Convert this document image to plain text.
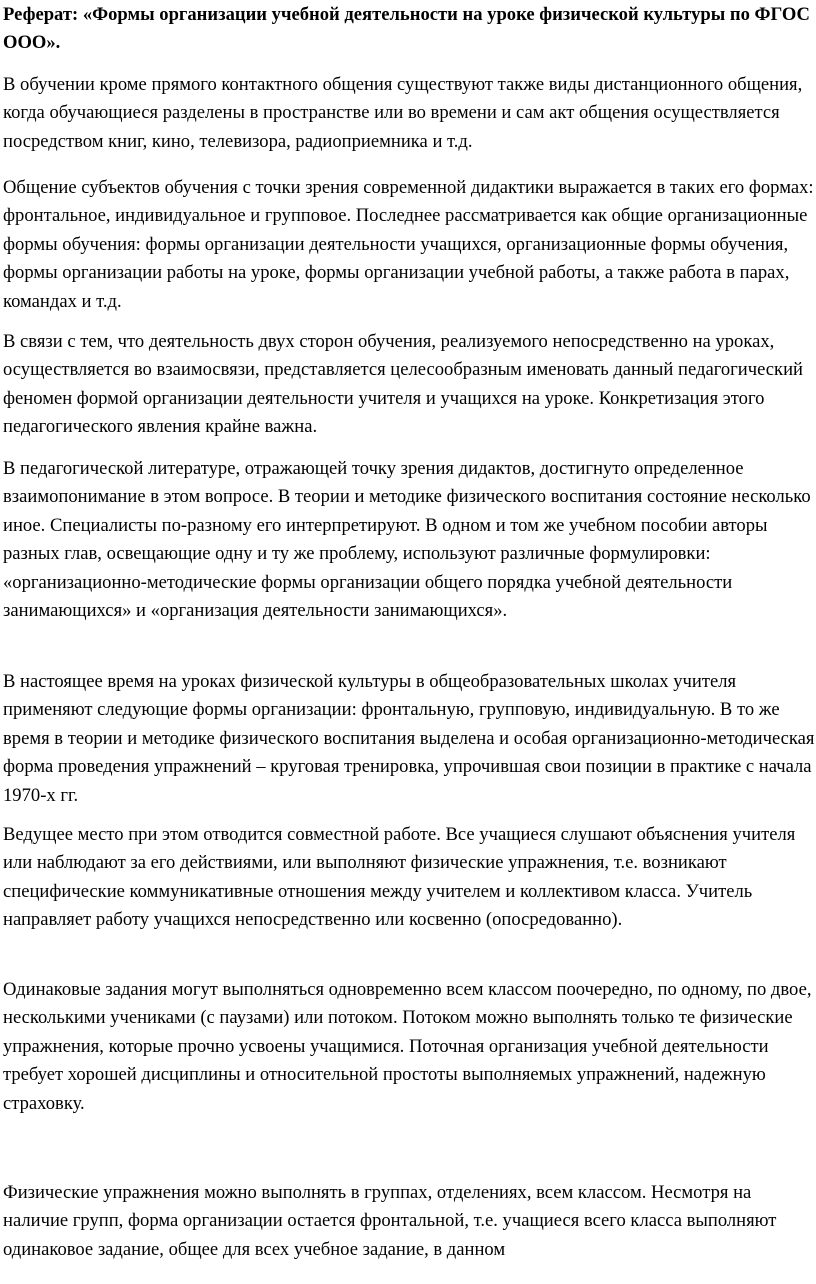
Реферат: «Формы организации учебной деятельности на уроке физической культуры по ФГОС ООО».

В обучении кроме прямого контактного общения существуют также виды дистанционного общения, когда обучающиеся разделены в пространстве или во времени и сам акт общения осуществляется посредством книг, кино, телевизора, радиоприемника и т.д.

Общение субъектов обучения с точки зрения современной дидактики выражается в таких его формах: фронтальное, индивидуальное и групповое. Последнее рассматривается как общие организационные формы обучения: формы организации деятельности учащихся, организационные формы обучения, формы организации работы на уроке, формы организации учебной работы, а также работа в парах, командах и т.д.

В связи с тем, что деятельность двух сторон обучения, реализуемого непосредственно на уроках, осуществляется во взаимосвязи, представляется целесообразным именовать данный педагогический феномен формой организации деятельности учителя и учащихся на уроке. Конкретизация этого педагогического явления крайне важна.

В педагогической литературе, отражающей точку зрения дидактов, достигнуто определенное взаимопонимание в этом вопросе. В теории и методике физического воспитания состояние несколько иное. Специалисты по-разному его интерпретируют. В одном и том же учебном пособии авторы разных глав, освещающие одну и ту же проблему, используют различные формулировки: «организационно-методические формы организации общего порядка учебной деятельности занимающихся» и «организация деятельности занимающихся».

В настоящее время на уроках физической культуры в общеобразовательных школах учителя применяют следующие формы организации: фронтальную, групповую, индивидуальную. В то же время в теории и методике физического воспитания выделена и особая организационно-методическая форма проведения упражнений – круговая тренировка, упрочившая свои позиции в практике с начала 1970-х гг.

Ведущее место при этом отводится совместной работе. Все учащиеся слушают объяснения учителя или наблюдают за его действиями, или выполняют физические упражнения, т.е. возникают специфические коммуникативные отношения между учителем и коллективом класса. Учитель направляет работу учащихся непосредственно или косвенно (опосредованно).

Одинаковые задания могут выполняться одновременно всем классом поочередно, по одному, по двое, несколькими учениками (с паузами) или потоком. Потоком можно выполнять только те физические упражнения, которые прочно усвоены учащимися. Поточная организация учебной деятельности требует хорошей дисциплины и относительной простоты выполняемых упражнений, надежную страховку.

Физические упражнения можно выполнять в группах, отделениях, всем классом. Несмотря на наличие групп, форма организации остается фронтальной, т.е. учащиеся всего класса выполняют одинаковое задание, общее для всех учебное задание, в данном
